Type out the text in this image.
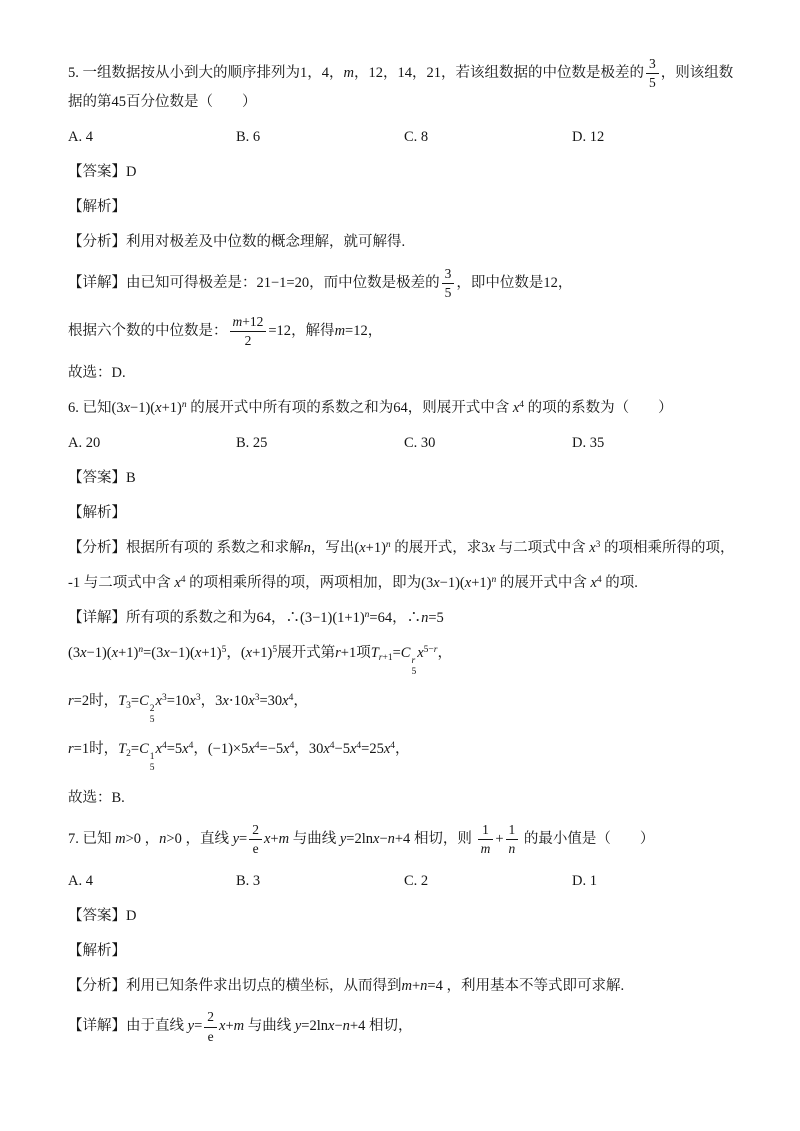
5. 一组数据按从小到大的顺序排列为1，4，m，12，14，21，若该组数据的中位数是极差的 $\frac{3}{5}$ ，则该组数据的第45百分位数是（　　）
A. 4	B. 6	C. 8	D. 12
【答案】D
【解析】
【分析】利用对极差及中位数的概念理解，就可解得.
【详解】由已知可得极差是：21−1=20，而中位数是极差的 $\frac{3}{5}$ ，即中位数是12，
根据六个数的中位数是： $\frac{m+12}{2} =12$，解得m=12，
故选：D.
6. 已知$(3x-1)(x+1)^n$ 的展开式中所有项的系数之和为64，则展开式中含 $x^4$ 的项的系数为（　　）
A. 20	B. 25	C. 30	D. 35
【答案】B
【解析】
【分析】根据所有项的 系数之和求解n，写出$(x+1)^n$ 的展开式，求3x 与二项式中含 $x^3$ 的项相乘所得的项，
-1 与二项式中含 $x^4$ 的项相乘所得的项，两项相加，即为$(3x-1)(x+1)^n$ 的展开式中含 $x^4$ 的项.
【详解】所有项的系数之和为64，$\therefore(3-1)(1+1)^n=64$，∴n=5
$(3x-1)(x+1)^n=(3x-1)(x+1)^5$，$(x+1)^5$展开式第r+1项$T_{r+1}=C$ r
5
$x^{5-r}$，
r=2时，$T_3=C$ 2
5
$x^3=10x^3$，$3x\cdot 10x^3=30x^4$，
r=1时，$T_2=C$ 1
5
$x^4=5x^4$，$(-1)\times 5x^4=-5x^4$，$30x^4-5x^4=25x^4$，
故选：B.
7. 已知 m>0 ，n>0 ，直线 $y= \frac{2}{e} x+m$ 与曲线 y=2lnx−n+4 相切，则 $\frac{1}{m} + \frac{1}{n}$ 的最小值是（　　）
A. 4	B. 3	C. 2	D. 1
【答案】D
【解析】
【分析】利用已知条件求出切点的横坐标，从而得到m+n=4 ，利用基本不等式即可求解.
【详解】由于直线 $y= \frac{2}{e} x+m$ 与曲线 y=2lnx−n+4 相切，
